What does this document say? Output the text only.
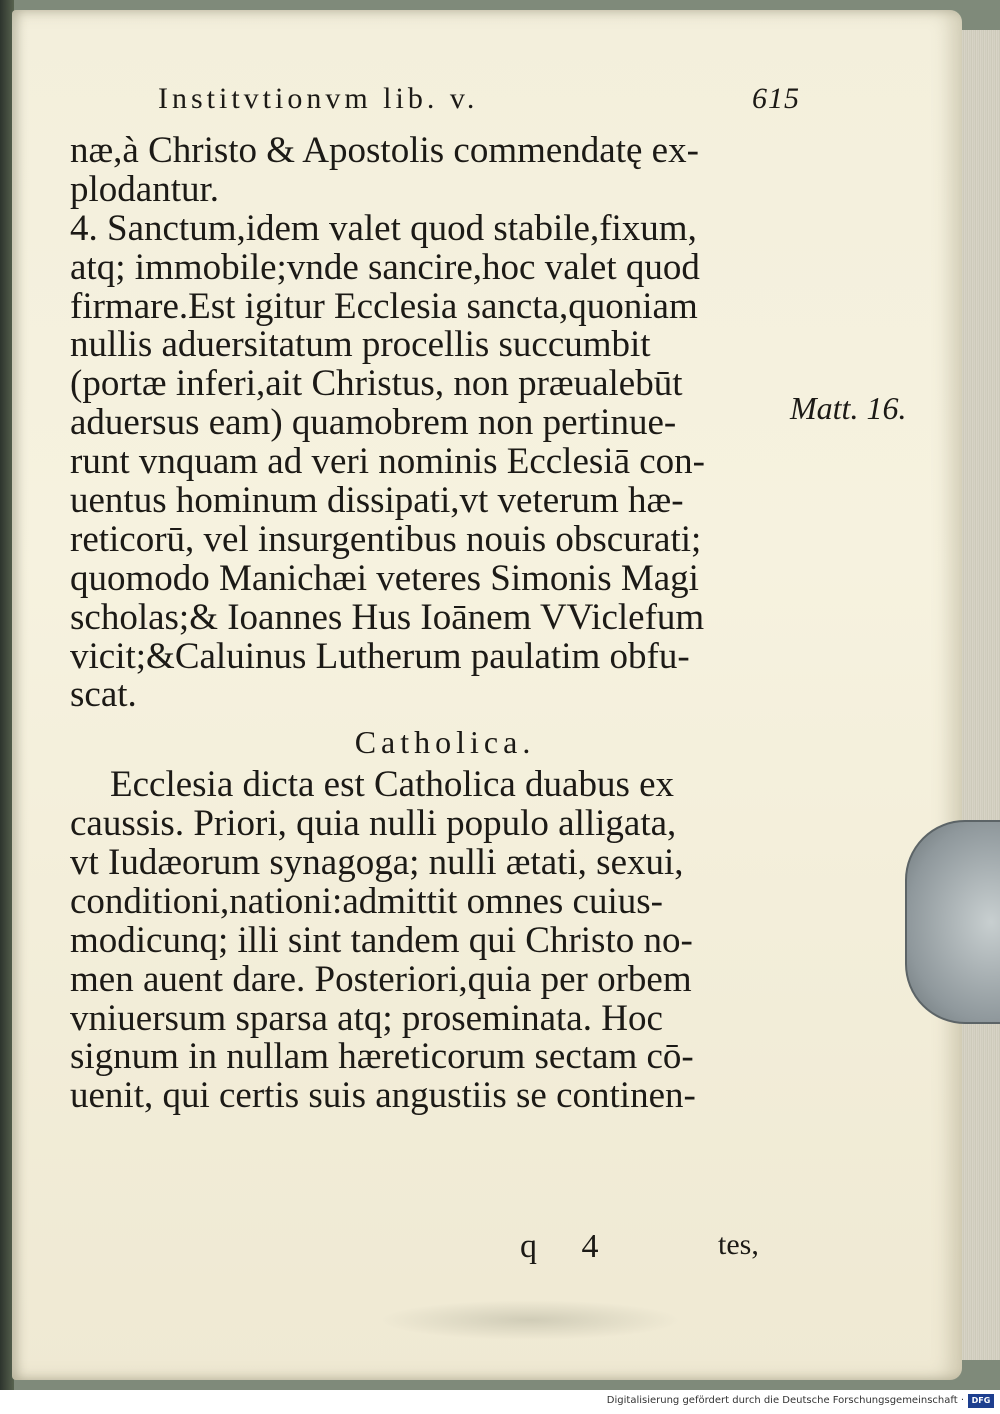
Institvtionvm lib. v.	615
næ,à Christo & Apostolis commendatę ex-
plodantur.
4. Sanctum,idem valet quod stabile,fixum,
atq; immobile;vnde sancire,hoc valet quod
firmare.Est igitur Ecclesia sancta,quoniam
nullis aduersitatum procellis succumbit
(portæ inferi,ait Christus, non præualebūt
aduersus eam) quamobrem non pertinue-
runt vnquam ad veri nominis Ecclesiā con-
uentus hominum dissipati,vt veterum hæ-
reticorū, vel insurgentibus nouis obscurati;
quomodo Manichæi veteres Simonis Magi
scholas;& Ioannes Hus Ioānem VViclefum
vicit;&Caluinus Lutherum paulatim obfu-
scat.
Catholica.
Ecclesia dicta est Catholica duabus ex
caussis. Priori, quia nulli populo alligata,
vt Iudæorum synagoga; nulli ætati, sexui,
conditioni,nationi:admittit omnes cuius-
modicunq; illi sint tandem qui Christo no-
men auent dare. Posteriori,quia per orbem
vniuersum sparsa atq; proseminata. Hoc
signum in nullam hæreticorum sectam cō-
uenit, qui certis suis angustiis se continen-
Matt. 16.
q 4	tes,
Digitalisierung gefördert durch die Deutsche Forschungsgemeinschaft · DFG
